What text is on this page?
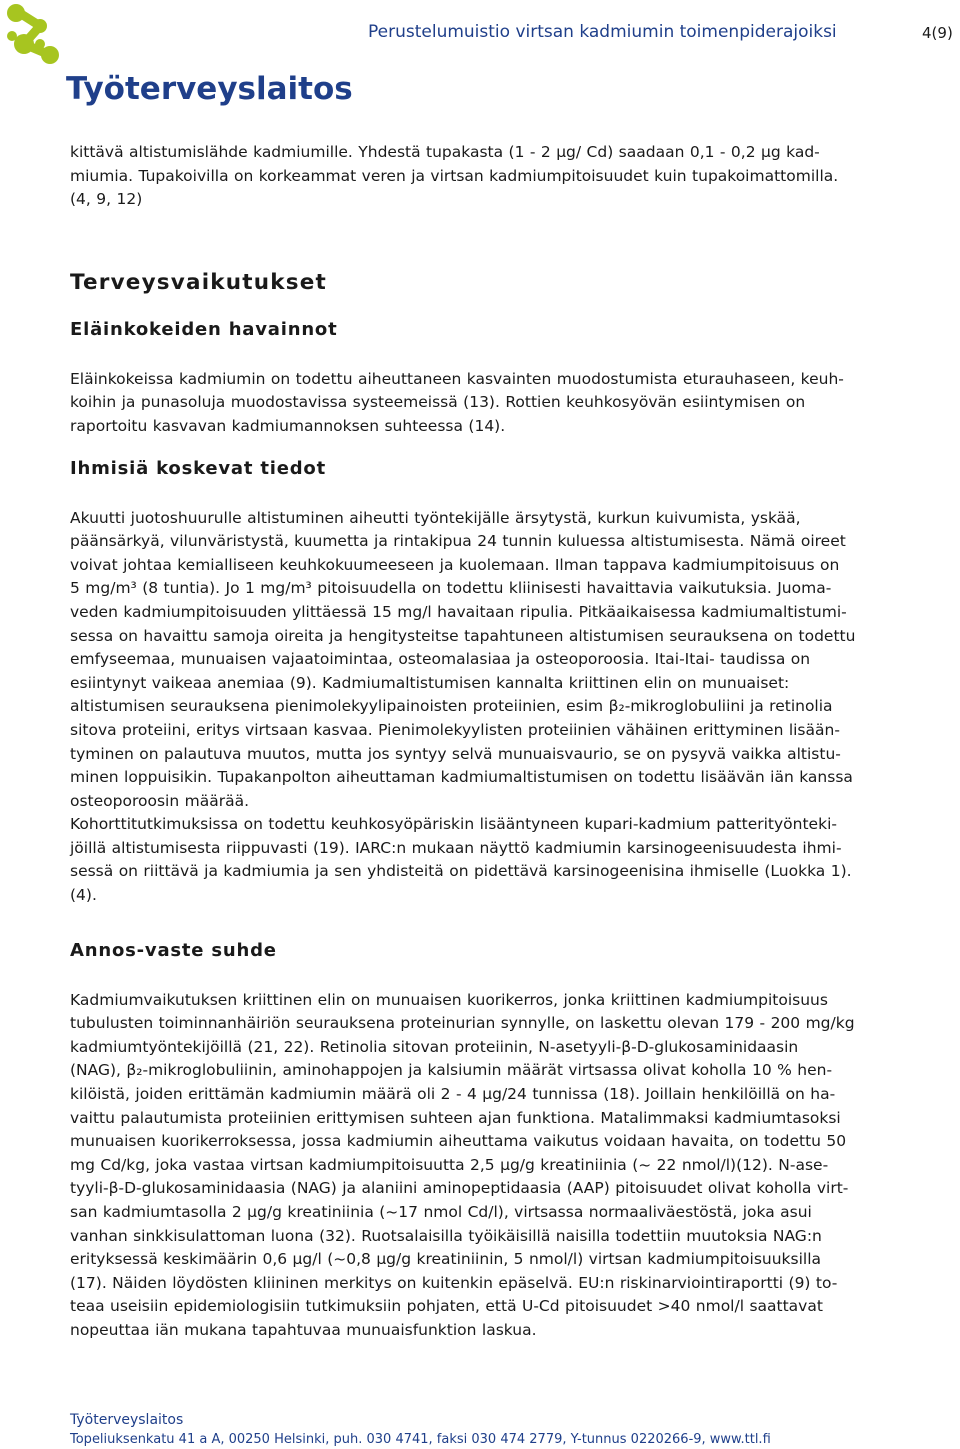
Työterveyslaitos
Perustelumuistio virtsan kadmiumin toimenpiderajoiksi	4(9)

kittävä altistumislähde kadmiumille. Yhdestä tupakasta (1 - 2 µg/ Cd) saadaan 0,1 - 0,2 µg kad-
miumia. Tupakoivilla on korkeammat veren ja virtsan kadmiumpitoisuudet kuin tupakoimattomilla.
(4, 9, 12)

Terveysvaikutukset
Eläinkokeiden havainnot

Eläinkokeissa kadmiumin on todettu aiheuttaneen kasvainten muodostumista eturauhaseen, keuh-
koihin ja punasoluja muodostavissa systeemeissä (13). Rottien keuhkosyövän esiintymisen on
raportoitu kasvavan kadmiumannoksen suhteessa (14).

Ihmisiä koskevat tiedot

Akuutti juotoshuurulle altistuminen aiheutti työntekijälle ärsytystä, kurkun kuivumista, yskää,
päänsärkyä, vilunväristystä, kuumetta ja rintakipua 24 tunnin kuluessa altistumisesta. Nämä oireet
voivat johtaa kemialliseen keuhkokuumeeseen ja kuolemaan. Ilman tappava kadmiumpitoisuus on
5 mg/m³ (8 tuntia). Jo 1 mg/m³ pitoisuudella on todettu kliinisesti havaittavia vaikutuksia. Juoma-
veden kadmiumpitoisuuden ylittäessä 15 mg/l havaitaan ripulia. Pitkäaikaisessa kadmiumaltistumi-
sessa on havaittu samoja oireita ja hengitysteitse tapahtuneen altistumisen seurauksena on todettu
emfyseemaa, munuaisen vajaatoimintaa, osteomalasiaa ja osteoporoosia. Itai-Itai- taudissa on
esiintynyt vaikeaa anemiaa (9). Kadmiumaltistumisen kannalta kriittinen elin on munuaiset:
altistumisen seurauksena pienimolekyylipainoisten proteiinien, esim β₂-mikroglobuliini ja retinolia
sitova proteiini, eritys virtsaan kasvaa. Pienimolekyylisten proteiinien vähäinen erittyminen lisään-
tyminen on palautuva muutos, mutta jos syntyy selvä munuaisvaurio, se on pysyvä vaikka altistu-
minen loppuisikin. Tupakanpolton aiheuttaman kadmiumaltistumisen on todettu lisäävän iän kanssa
osteoporoosin määrää.
Kohorttitutkimuksissa on todettu keuhkosyöpäriskin lisääntyneen kupari-kadmium patterityönteki-
jöillä altistumisesta riippuvasti (19). IARC:n mukaan näyttö kadmiumin karsinogeenisuudesta ihmi-
sessä on riittävä ja kadmiumia ja sen yhdisteitä on pidettävä karsinogeenisina ihmiselle (Luokka 1).
(4).

Annos-vaste suhde

Kadmiumvaikutuksen kriittinen elin on munuaisen kuorikerros, jonka kriittinen kadmiumpitoisuus
tubulusten toiminnanhäiriön seurauksena proteinurian synnylle, on laskettu olevan 179 - 200 mg/kg
kadmiumtyöntekijöillä (21, 22). Retinolia sitovan proteiinin, N-asetyyli-β-D-glukosaminidaasin
(NAG), β₂-mikroglobuliinin, aminohappojen ja kalsiumin määrät virtsassa olivat koholla 10 % hen-
kilöistä, joiden erittämän kadmiumin määrä oli 2 - 4 µg/24 tunnissa (18). Joillain henkilöillä on ha-
vaittu palautumista proteiinien erittymisen suhteen ajan funktiona. Matalimmaksi kadmiumtasoksi
munuaisen kuorikerroksessa, jossa kadmiumin aiheuttama vaikutus voidaan havaita, on todettu 50
mg Cd/kg, joka vastaa virtsan kadmiumpitoisuutta 2,5 µg/g kreatiniinia (~ 22 nmol/l)(12). N-ase-
tyyli-β-D-glukosaminidaasia (NAG) ja alaniini aminopeptidaasia (AAP) pitoisuudet olivat koholla virt-
san kadmiumtasolla 2 µg/g kreatiniinia (~17 nmol Cd/l), virtsassa normaaliväestöstä, joka asui
vanhan sinkkisulattoman luona (32). Ruotsalaisilla työikäisillä naisilla todettiin muutoksia NAG:n
erityksessä keskimäärin 0,6 µg/l (~0,8 µg/g kreatiniinin, 5 nmol/l) virtsan kadmiumpitoisuuksilla
(17). Näiden löydösten kliininen merkitys on kuitenkin epäselvä. EU:n riskinarviointiraportti (9) to-
teaa useisiin epidemiologisiin tutkimuksiin pohjaten, että U-Cd pitoisuudet >40 nmol/l saattavat
nopeuttaa iän mukana tapahtuvaa munuaisfunktion laskua.

Työterveyslaitos
Topeliuksenkatu 41 a A, 00250 Helsinki, puh. 030 4741, faksi 030 474 2779, Y-tunnus 0220266-9, www.ttl.fi
